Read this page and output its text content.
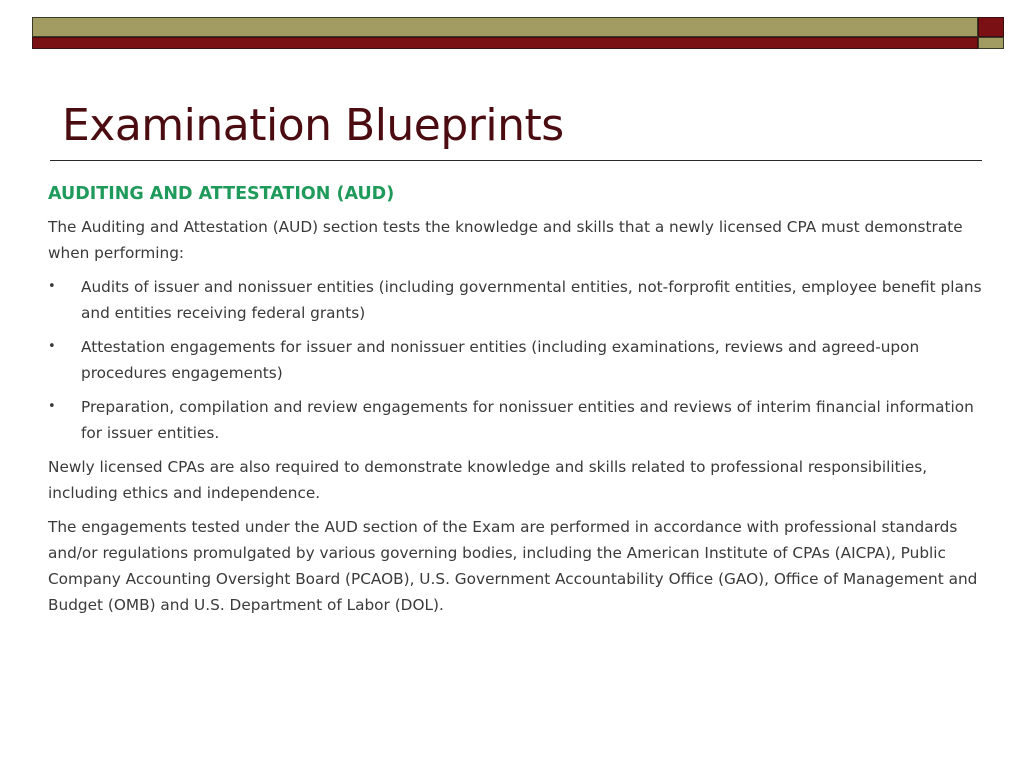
Examination Blueprints
AUDITING AND ATTESTATION (AUD)

The Auditing and Attestation (AUD) section tests the knowledge and skills that a newly licensed CPA must demonstrate when performing:

•	Audits of issuer and nonissuer entities (including governmental entities, not-forprofit entities, employee benefit plans and entities receiving federal grants)
•	Attestation engagements for issuer and nonissuer entities (including examinations, reviews and agreed-upon procedures engagements)
•	Preparation, compilation and review engagements for nonissuer entities and reviews of interim financial information for issuer entities.

Newly licensed CPAs are also required to demonstrate knowledge and skills related to professional responsibilities, including ethics and independence.

The engagements tested under the AUD section of the Exam are performed in accordance with professional standards and/or regulations promulgated by various governing bodies, including the American Institute of CPAs (AICPA), Public Company Accounting Oversight Board (PCAOB), U.S. Government Accountability Office (GAO), Office of Management and Budget (OMB) and U.S. Department of Labor (DOL).
